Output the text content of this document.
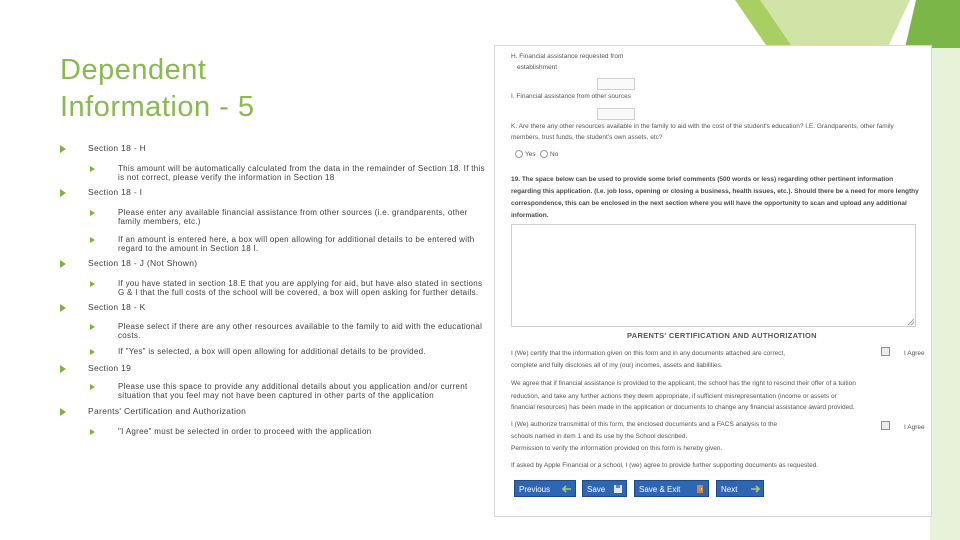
Dependent
Information - 5
Section 18 - H
This amount will be automatically calculated from the data in the remainder of Section 18. If this is not correct, please verify the information in Section 18
Section 18 - I
Please enter any available financial assistance from other sources (i.e. grandparents, other family members, etc.)
If an amount is entered here, a box will open allowing for additional details to be entered with regard to the amount in Section 18 I.
Section 18 - J (Not Shown)
If you have stated in section 18.E that you are applying for aid, but have also stated in sections G & I that the full costs of the school will be covered, a box will open asking for further details.
Section 18 - K
Please select if there are any other resources available to the family to aid with the educational costs.
If "Yes" is selected, a box will open allowing for additional details to be provided.
Section 19
Please use this space to provide any additional details about you application and/or current situation that you feel may not have been captured in other parts of the application
Parents' Certification and Authorization
"I Agree" must be selected in order to proceed with the application
H. Financial assistance requested from
establishment
I. Financial assistance from other sources
K. Are there any other resources available in the family to aid with the cost of the student's education? I.E. Grandparents, other family
members, trust funds, the student's own assets, etc?
Yes	No
19. The space below can be used to provide some brief comments (500 words or less) regarding other pertinent information
regarding this application. (I.e. job loss, opening or closing a business, health issues, etc.). Should there be a need for more lengthy
correspondence, this can be enclosed in the next section where you will have the opportunity to scan and upload any additional
information.
PARENTS' CERTIFICATION AND AUTHORIZATION
I (We) certify that the information given on this form and in any documents attached are correct,
complete and fully discloses all of my (our) incomes, assets and liabilities.
I Agree
We agree that if financial assistance is provided to the applicant, the school has the right to rescind their offer of a tuition
reduction, and take any further actions they deem appropriate, if sufficient misrepresentation (income or assets or
financial resources) has been made in the application or documents to change any financial assistance award provided.
I (We) authorize transmittal of this form, the enclosed documents and a FACS analysis to the
schools named in item 1 and its use by the School described.
I Agree
Permission to verify the information provided on this form is hereby given.
If asked by Apple Financial or a school, I (we) agree to provide further supporting documents as requested.
Previous	Save	Save & Exit	Next
